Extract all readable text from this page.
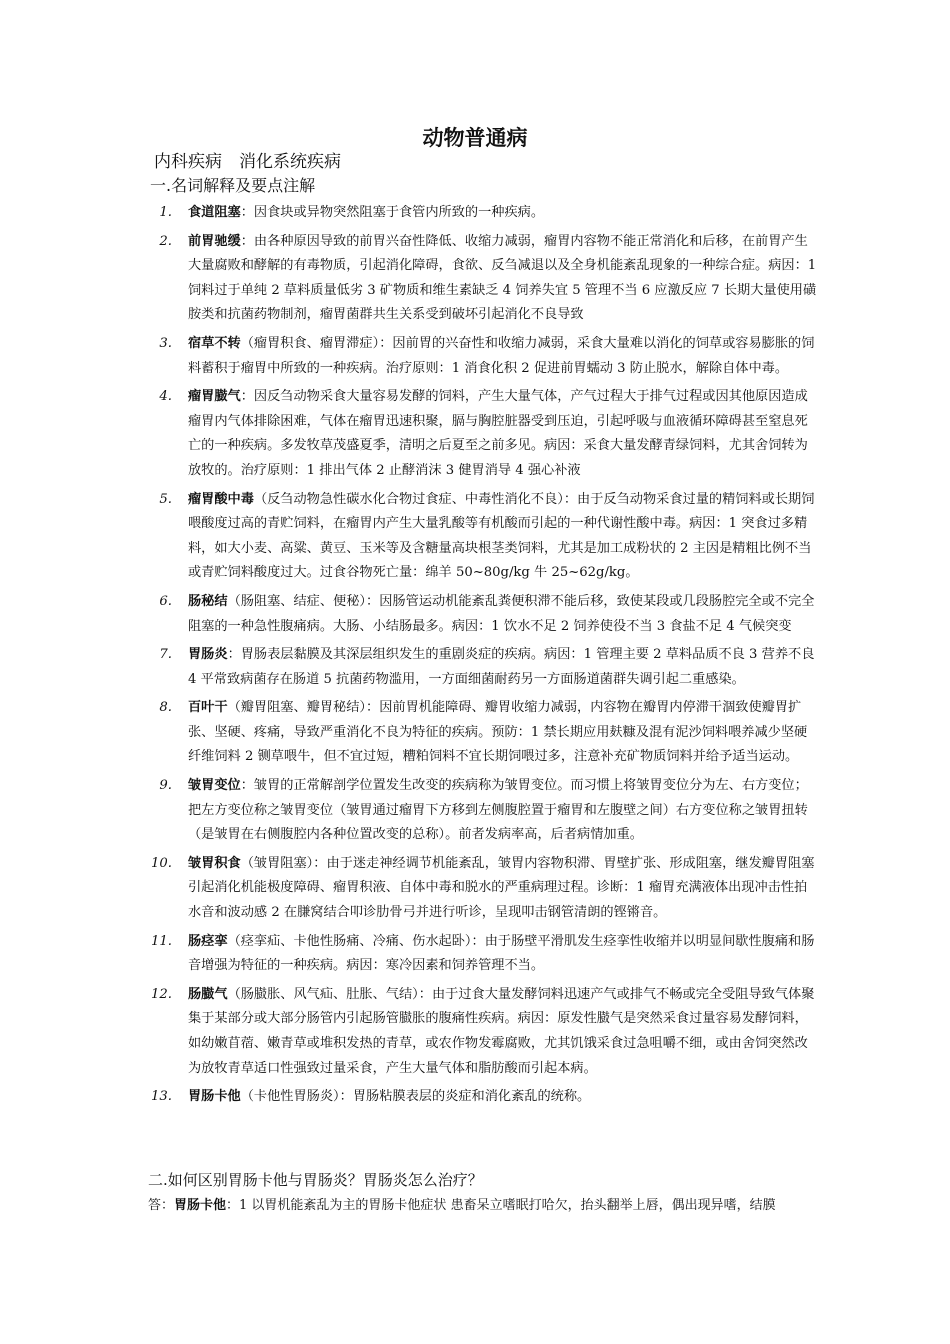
动物普通病
内科疾病　消化系统疾病
一.名词解释及要点注解
1. 食道阻塞：因食块或异物突然阻塞于食管内所致的一种疾病。
2. 前胃驰缓：由各种原因导致的前胃兴奋性降低、收缩力减弱，瘤胃内容物不能正常消化和后移，在前胃产生大量腐败和酵解的有毒物质，引起消化障碍，食欲、反刍减退以及全身机能紊乱现象的一种综合症。病因：1 饲料过于单纯 2 草料质量低劣 3 矿物质和维生素缺乏 4 饲养失宜 5 管理不当 6 应激反应 7 长期大量使用磺胺类和抗菌药物制剂，瘤胃菌群共生关系受到破坏引起消化不良导致
3. 宿草不转（瘤胃积食、瘤胃滞症）：因前胃的兴奋性和收缩力减弱，采食大量难以消化的饲草或容易膨胀的饲料蓄积于瘤胃中所致的一种疾病。治疗原则：1 消食化积 2 促进前胃蠕动 3 防止脱水，解除自体中毒。
4. 瘤胃臌气：因反刍动物采食大量容易发酵的饲料，产生大量气体，产气过程大于排气过程或因其他原因造成瘤胃内气体排除困难，气体在瘤胃迅速积聚，膈与胸腔脏器受到压迫，引起呼吸与血液循环障碍甚至窒息死亡的一种疾病。多发牧草茂盛夏季，清明之后夏至之前多见。病因：采食大量发酵青绿饲料，尤其舍饲转为放牧的。治疗原则：1 排出气体 2 止酵消沫 3 健胃消导 4 强心补液
5. 瘤胃酸中毒（反刍动物急性碳水化合物过食症、中毒性消化不良）：由于反刍动物采食过量的精饲料或长期饲喂酸度过高的青贮饲料，在瘤胃内产生大量乳酸等有机酸而引起的一种代谢性酸中毒。病因：1 突食过多精料，如大小麦、高粱、黄豆、玉米等及含糖量高块根茎类饲料，尤其是加工成粉状的 2 主因是精粗比例不当或青贮饲料酸度过大。过食谷物死亡量：绵羊 50~80g/kg 牛 25~62g/kg。
6. 肠秘结（肠阻塞、结症、便秘）：因肠管运动机能紊乱粪便积滞不能后移，致使某段或几段肠腔完全或不完全阻塞的一种急性腹痛病。大肠、小结肠最多。病因：1 饮水不足 2 饲养使役不当 3 食盐不足 4 气候突变
7. 胃肠炎：胃肠表层黏膜及其深层组织发生的重剧炎症的疾病。病因：1 管理主要 2 草料品质不良 3 营养不良 4 平常致病菌存在肠道 5 抗菌药物滥用，一方面细菌耐药另一方面肠道菌群失调引起二重感染。
8. 百叶干（瓣胃阻塞、瓣胃秘结）：因前胃机能障碍、瓣胃收缩力减弱，内容物在瓣胃内停滞干涸致使瓣胃扩张、坚硬、疼痛，导致严重消化不良为特征的疾病。预防：1 禁长期应用麸糠及混有泥沙饲料喂养减少坚硬纤维饲料 2 铡草喂牛，但不宜过短，糟粕饲料不宜长期饲喂过多，注意补充矿物质饲料并给予适当运动。
9. 皱胃变位：皱胃的正常解剖学位置发生改变的疾病称为皱胃变位。而习惯上将皱胃变位分为左、右方变位；把左方变位称之皱胃变位（皱胃通过瘤胃下方移到左侧腹腔置于瘤胃和左腹壁之间）右方变位称之皱胃扭转（是皱胃在右侧腹腔内各种位置改变的总称）。前者发病率高，后者病情加重。
10. 皱胃积食（皱胃阻塞）：由于迷走神经调节机能紊乱，皱胃内容物积滞、胃壁扩张、形成阻塞，继发瓣胃阻塞引起消化机能极度障碍、瘤胃积液、自体中毒和脱水的严重病理过程。诊断：1 瘤胃充满液体出现冲击性拍水音和波动感 2 在膁窝结合叩诊肋骨弓并进行听诊，呈现叩击钢管清朗的铿锵音。
11. 肠痉挛（痉挛疝、卡他性肠痛、冷痛、伤水起卧）：由于肠壁平滑肌发生痉挛性收缩并以明显间歇性腹痛和肠音增强为特征的一种疾病。病因：寒冷因素和饲养管理不当。
12. 肠臌气（肠臌胀、风气疝、肚胀、气结）：由于过食大量发酵饲料迅速产气或排气不畅或完全受阻导致气体聚集于某部分或大部分肠管内引起肠管臌胀的腹痛性疾病。病因：原发性臌气是突然采食过量容易发酵饲料，如幼嫩苜蓿、嫩青草或堆积发热的青草，或农作物发霉腐败，尤其饥饿采食过急咀嚼不细，或由舍饲突然改为放牧青草适口性强致过量采食，产生大量气体和脂肪酸而引起本病。
13. 胃肠卡他（卡他性胃肠炎）：胃肠粘膜表层的炎症和消化紊乱的统称。
二.如何区别胃肠卡他与胃肠炎？胃肠炎怎么治疗？
答：胃肠卡他：1 以胃机能紊乱为主的胃肠卡他症状 患畜呆立嗜眠打哈欠，抬头翻举上唇，偶出现异嗜，结膜
